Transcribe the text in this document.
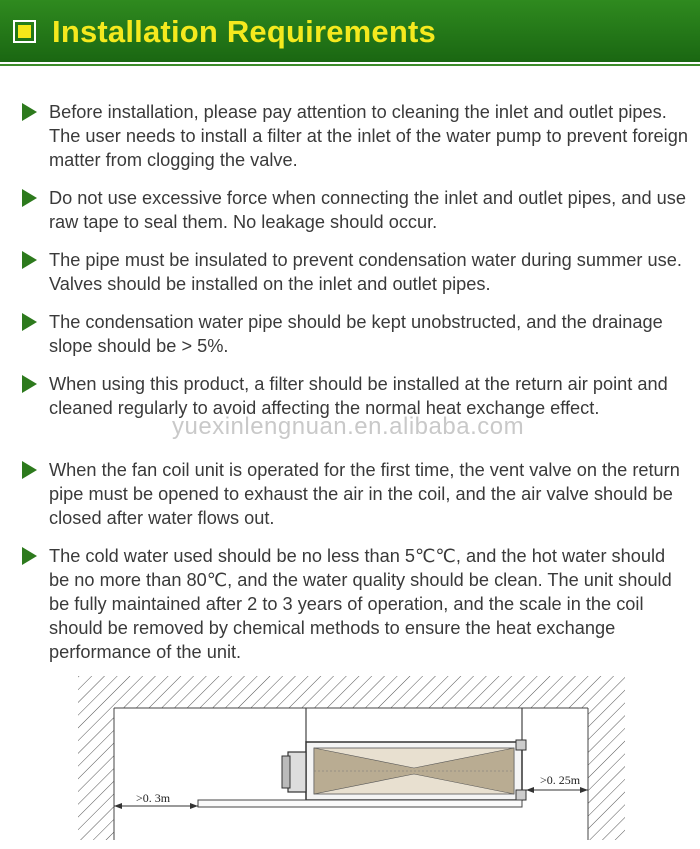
Installation Requirements
Before installation, please pay attention to cleaning the inlet and outlet pipes. The user needs to install a filter at the inlet of the water pump to prevent foreign matter from clogging the valve.
Do not use excessive force when connecting the inlet and outlet pipes, and use raw tape to seal them. No leakage should occur.
The pipe must be insulated to prevent condensation water during summer use. Valves should be installed on the inlet and outlet pipes.
The condensation water pipe should be kept unobstructed, and the drainage slope should be > 5%.
When using this product, a filter should be installed at the return air point and cleaned regularly to avoid affecting the normal heat exchange effect.
When the fan coil unit is operated for the first time, the vent valve on the return pipe must be opened to exhaust the air in the coil, and the air valve should be closed after water flows out.
The cold water used should be no less than 5℃℃, and the hot water should be no more than 80℃, and the water quality should be clean. The unit should be fully maintained after 2 to 3 years of operation, and the scale in the coil should be removed by chemical methods to ensure the heat exchange performance of the unit.
yuexinlengnuan.en.alibaba.com
>0. 3m
>0. 25m
